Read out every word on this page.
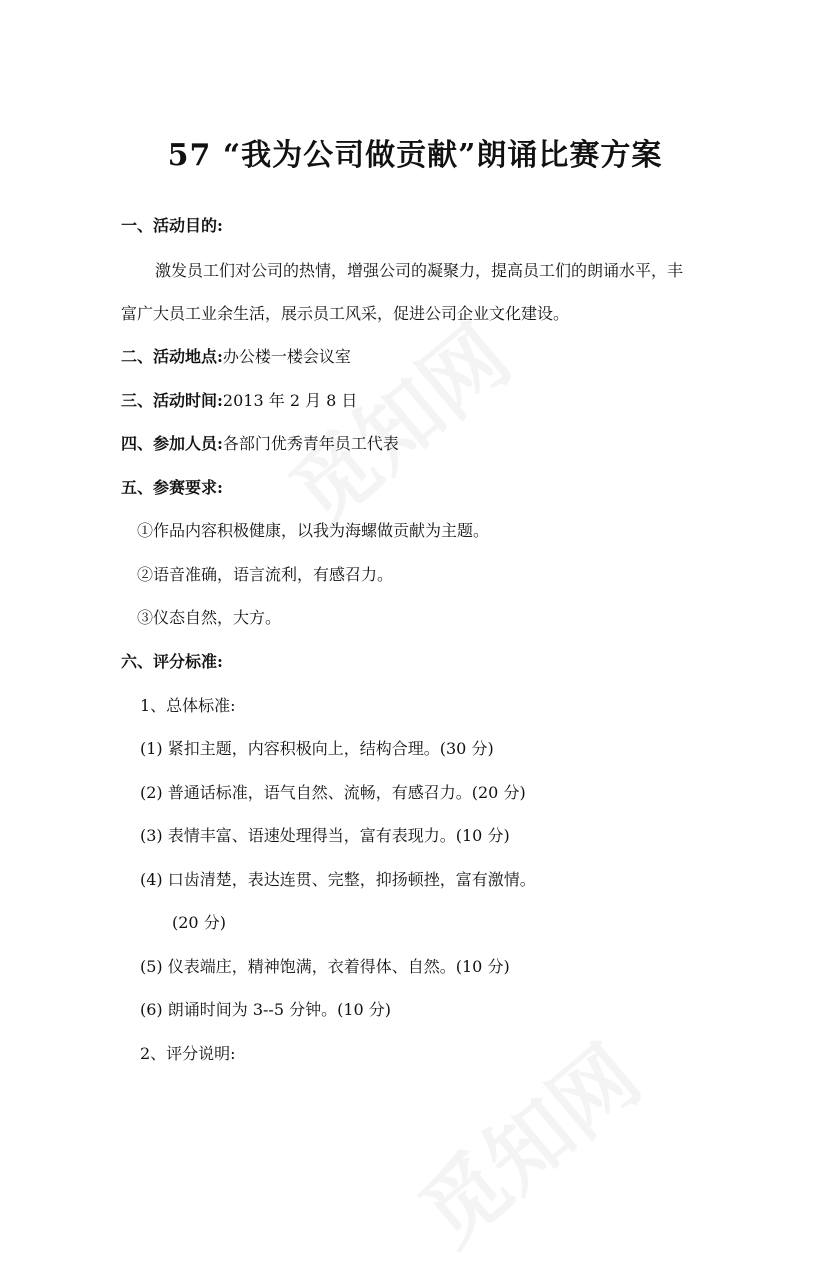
57 “我为公司做贡献”朗诵比赛方案

一、活动目的:

激发员工们对公司的热情，增强公司的凝聚力，提高员工们的朗诵水平，丰

富广大员工业余生活，展示员工风采，促进公司企业文化建设。

二、活动地点:办公楼一楼会议室

三、活动时间:2013 年 2 月 8 日

四、参加人员:各部门优秀青年员工代表

五、参赛要求:

①作品内容积极健康，以我为海螺做贡献为主题。

②语音准确，语言流利，有感召力。

③仪态自然，大方。

六、评分标准:

1、总体标准:

(1) 紧扣主题，内容积极向上，结构合理。(30 分)

(2) 普通话标准，语气自然、流畅，有感召力。(20 分)

(3) 表情丰富、语速处理得当，富有表现力。(10 分)

(4) 口齿清楚，表达连贯、完整，抑扬顿挫，富有激情。

(20 分)

(5) 仪表端庄，精神饱满，衣着得体、自然。(10 分)

(6) 朗诵时间为 3--5 分钟。(10 分)

2、评分说明:
